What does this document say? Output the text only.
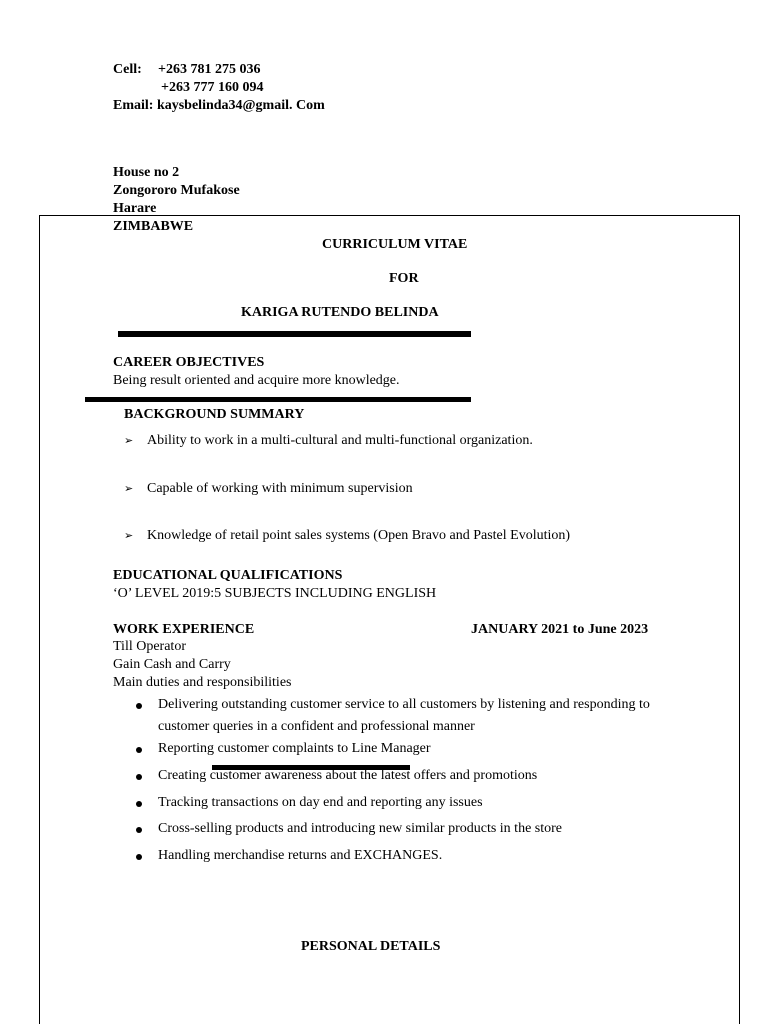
Cell: +263 781 275 036
+263 777 160 094
Email: kaysbelinda34@gmail. Com
House no 2
Zongororo Mufakose
Harare
ZIMBABWE
CURRICULUM VITAE
FOR
KARIGA RUTENDO BELINDA
CAREER OBJECTIVES
Being result oriented and acquire more knowledge.
BACKGROUND SUMMARY
➢ Ability to work in a multi-cultural and multi-functional organization.
➢ Capable of working with minimum supervision
➢ Knowledge of retail point sales systems (Open Bravo and Pastel Evolution)
EDUCATIONAL QUALIFICATIONS
‘O’ LEVEL 2019:5 SUBJECTS INCLUDING ENGLISH
WORK EXPERIENCE	JANUARY 2021 to June 2023
Till Operator
Gain Cash and Carry
Main duties and responsibilities
Delivering outstanding customer service to all customers by listening and responding to
customer queries in a confident and professional manner
Reporting customer complaints to Line Manager
Creating customer awareness about the latest offers and promotions
Tracking transactions on day end and reporting any issues
Cross-selling products and introducing new similar products in the store
Handling merchandise returns and EXCHANGES.
PERSONAL DETAILS
